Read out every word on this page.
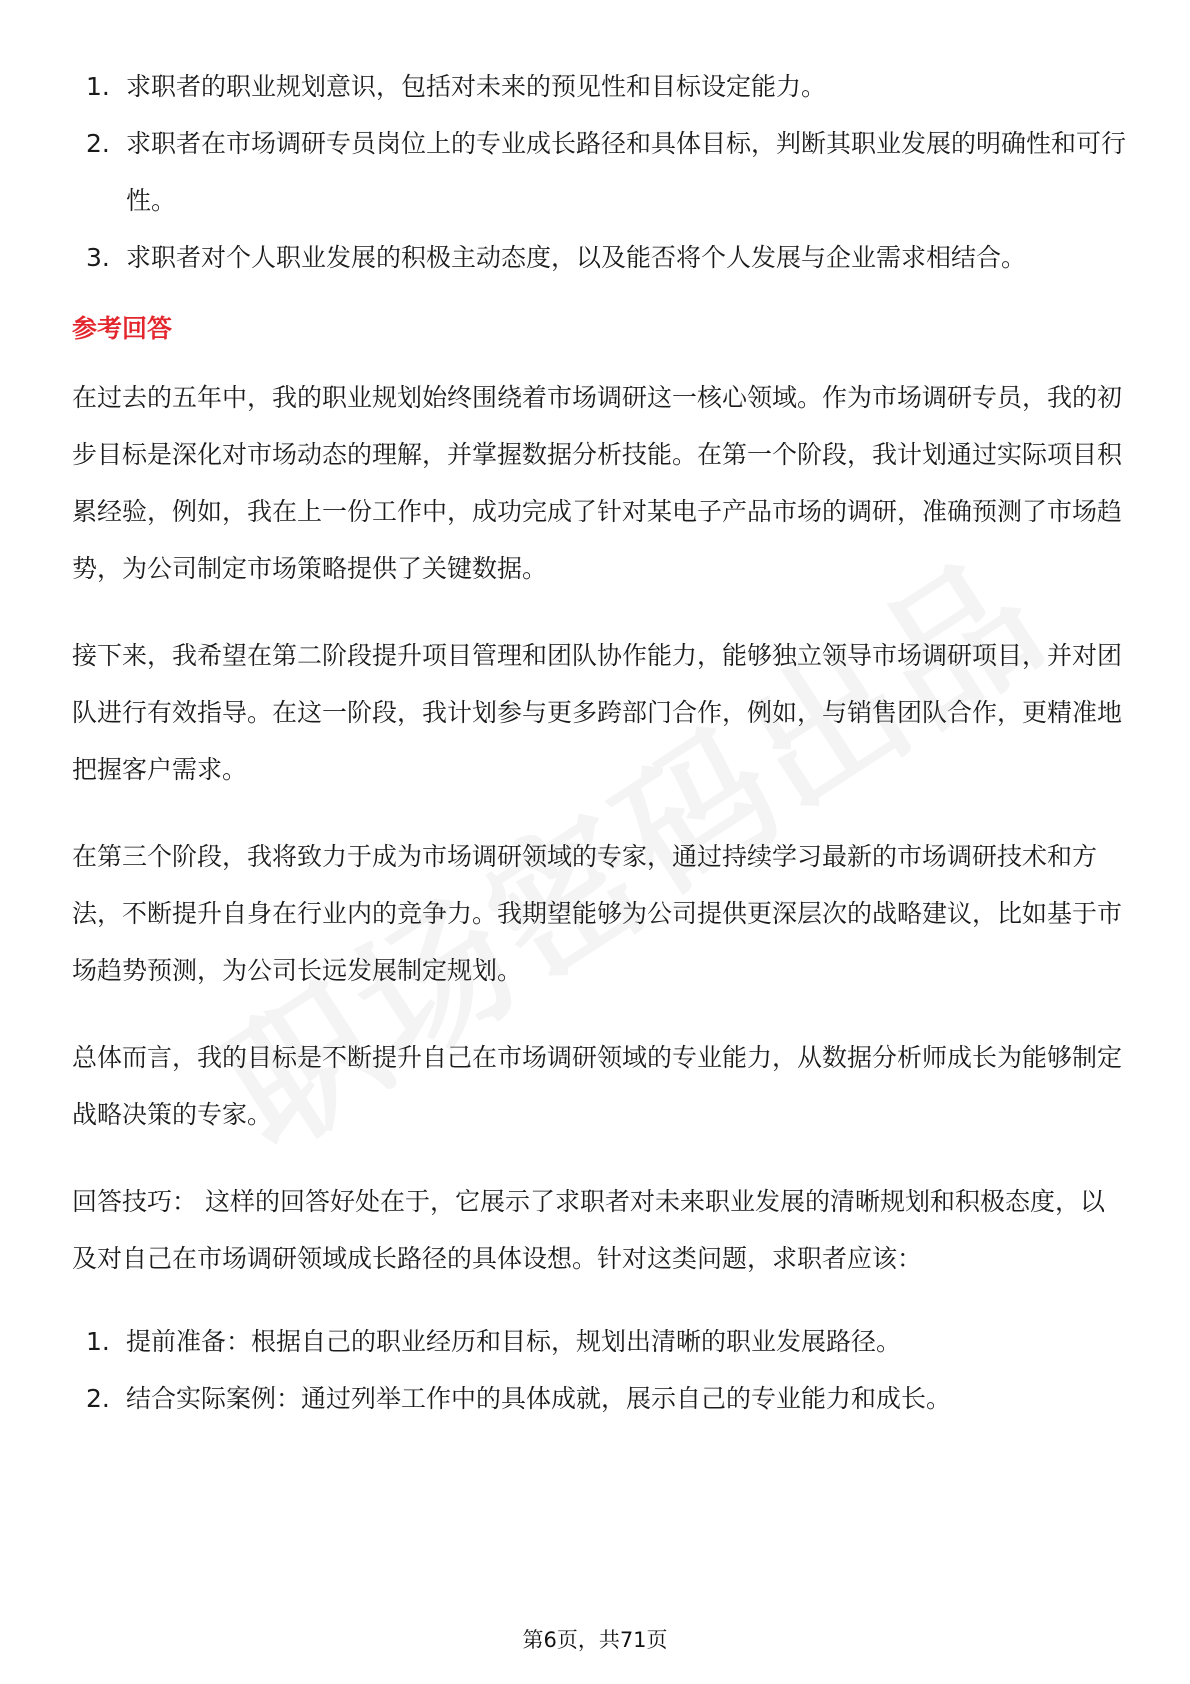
1. 求职者的职业规划意识，包括对未来的预见性和目标设定能力。
2. 求职者在市场调研专员岗位上的专业成长路径和具体目标，判断其职业发展的明确性和可行性。
3. 求职者对个人职业发展的积极主动态度，以及能否将个人发展与企业需求相结合。
参考回答

在过去的五年中，我的职业规划始终围绕着市场调研这一核心领域。作为市场调研专员，我的初步目标是深化对市场动态的理解，并掌握数据分析技能。在第一个阶段，我计划通过实际项目积累经验，例如，我在上一份工作中，成功完成了针对某电子产品市场的调研，准确预测了市场趋势，为公司制定市场策略提供了关键数据。

接下来，我希望在第二阶段提升项目管理和团队协作能力，能够独立领导市场调研项目，并对团队进行有效指导。在这一阶段，我计划参与更多跨部门合作，例如，与销售团队合作，更精准地把握客户需求。

在第三个阶段，我将致力于成为市场调研领域的专家，通过持续学习最新的市场调研技术和方法，不断提升自身在行业内的竞争力。我期望能够为公司提供更深层次的战略建议，比如基于市场趋势预测，为公司长远发展制定规划。

总体而言，我的目标是不断提升自己在市场调研领域的专业能力，从数据分析师成长为能够制定战略决策的专家。

回答技巧： 这样的回答好处在于，它展示了求职者对未来职业发展的清晰规划和积极态度，以及对自己在市场调研领域成长路径的具体设想。针对这类问题，求职者应该：

1. 提前准备：根据自己的职业经历和目标，规划出清晰的职业发展路径。
2. 结合实际案例：通过列举工作中的具体成就，展示自己的专业能力和成长。
第6页，共71页
